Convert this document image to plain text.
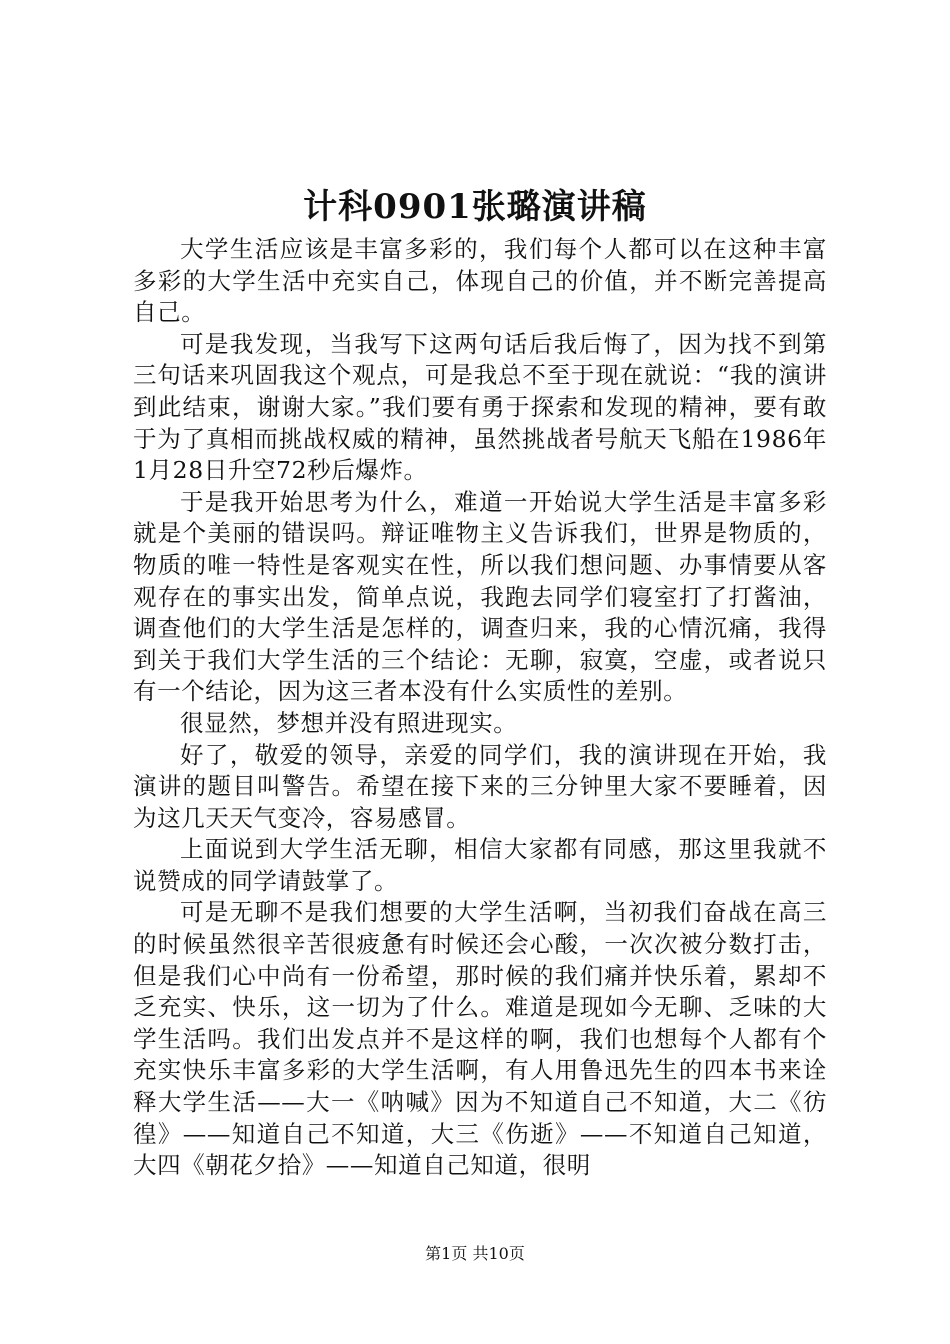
计科0901张璐演讲稿

大学生活应该是丰富多彩的，我们每个人都可以在这种丰富多彩的大学生活中充实自己，体现自己的价值，并不断完善提高自己。

可是我发现，当我写下这两句话后我后悔了，因为找不到第三句话来巩固我这个观点，可是我总不至于现在就说：“我的演讲到此结束，谢谢大家。”我们要有勇于探索和发现的精神，要有敢于为了真相而挑战权威的精神，虽然挑战者号航天飞船在1986年1月28日升空72秒后爆炸。

于是我开始思考为什么，难道一开始说大学生活是丰富多彩就是个美丽的错误吗。辩证唯物主义告诉我们，世界是物质的，物质的唯一特性是客观实在性，所以我们想问题、办事情要从客观存在的事实出发，简单点说，我跑去同学们寝室打了打酱油，调查他们的大学生活是怎样的，调查归来，我的心情沉痛，我得到关于我们大学生活的三个结论：无聊，寂寞，空虚，或者说只有一个结论，因为这三者本没有什么实质性的差别。

很显然，梦想并没有照进现实。

好了，敬爱的领导，亲爱的同学们，我的演讲现在开始，我演讲的题目叫警告。希望在接下来的三分钟里大家不要睡着，因为这几天天气变冷，容易感冒。

上面说到大学生活无聊，相信大家都有同感，那这里我就不说赞成的同学请鼓掌了。

可是无聊不是我们想要的大学生活啊，当初我们奋战在高三的时候虽然很辛苦很疲惫有时候还会心酸，一次次被分数打击，但是我们心中尚有一份希望，那时候的我们痛并快乐着，累却不乏充实、快乐，这一切为了什么。难道是现如今无聊、乏味的大学生活吗。我们出发点并不是这样的啊，我们也想每个人都有个充实快乐丰富多彩的大学生活啊，有人用鲁迅先生的四本书来诠释大学生活——大一《呐喊》因为不知道自己不知道，大二《彷徨》——知道自己不知道，大三《伤逝》——不知道自己知道，大四《朝花夕拾》——知道自己知道，很明

第1页 共10页
